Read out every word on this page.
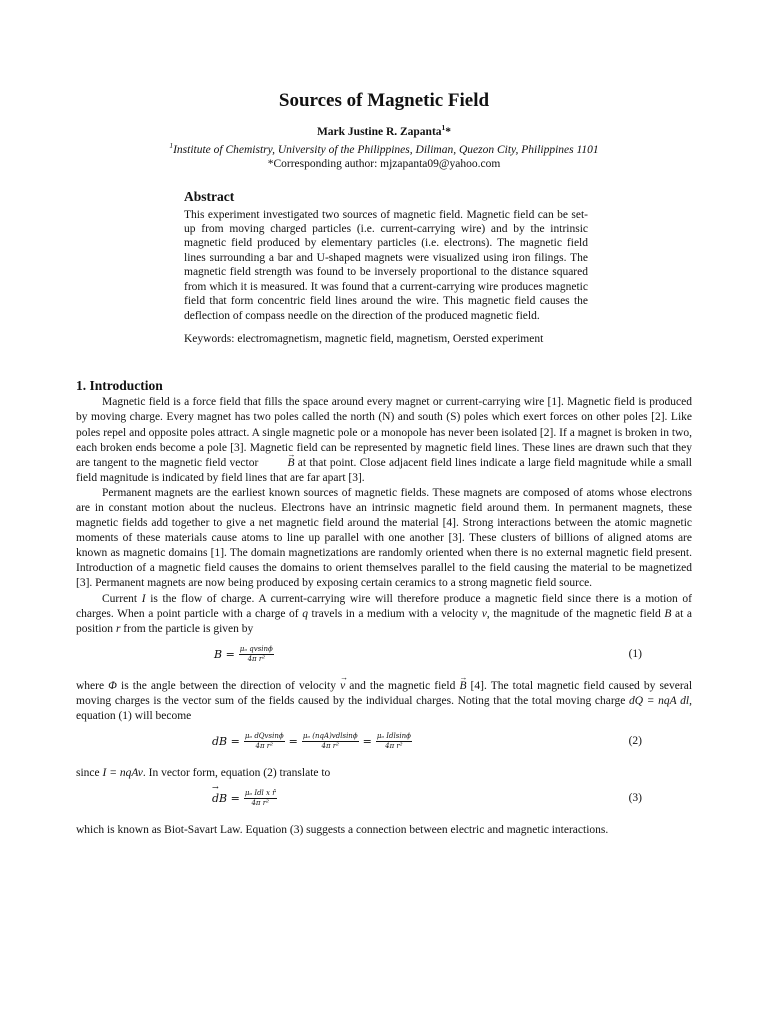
Sources of Magnetic Field
Mark Justine R. Zapanta$^1$*
$^1$Institute of Chemistry, University of the Philippines, Diliman, Quezon City, Philippines 1101
*Corresponding author: mjzapanta09@yahoo.com
Abstract

This experiment investigated two sources of magnetic field. Magnetic field can be set-up from moving charged particles (i.e. current-carrying wire) and by the intrinsic magnetic field produced by elementary particles (i.e. electrons). The magnetic field lines surrounding a bar and U-shaped magnets were visualized using iron filings. The magnetic field strength was found to be inversely proportional to the distance squared from which it is measured. It was found that a current-carrying wire produces magnetic field that form concentric field lines around the wire. This magnetic field causes the deflection of compass needle on the direction of the produced magnetic field.

Keywords: electromagnetism, magnetic field, magnetism, Oersted experiment

1. Introduction

Magnetic field is a force field that fills the space around every magnet or current-carrying wire [1]. Magnetic field is produced by moving charge. Every magnet has two poles called the north (N) and south (S) poles which exert forces on other poles [2]. Like poles repel and opposite poles attract. A single magnetic pole or a monopole has never been isolated [2]. If a magnet is broken in two, each broken ends become a pole [3]. Magnetic field can be represented by magnetic field lines. These lines are drawn such that they are tangent to the magnetic field vector → B at that point. Close adjacent field lines indicate a large field magnitude while a small field magnitude is indicated by field lines that are far apart [3].

Permanent magnets are the earliest known sources of magnetic fields. These magnets are composed of atoms whose electrons are in constant motion about the nucleus. Electrons have an intrinsic magnetic field around them. In permanent magnets, these magnetic fields add together to give a net magnetic field around the material [4]. Strong interactions between the atomic magnetic moments of these materials cause atoms to line up parallel with one another [3]. These clusters of billions of aligned atoms are known as magnetic domains [1]. The domain magnetizations are randomly oriented when there is no external magnetic field present. Introduction of a magnetic field causes the domains to orient themselves parallel to the field causing the material to be magnetized [3]. Permanent magnets are now being produced by exposing certain ceramics to a strong magnetic field source.

Current I is the flow of charge. A current-carrying wire will therefore produce a magnetic field since there is a motion of charges. When a point particle with a charge of q travels in a medium with a velocity v, the magnitude of the magnetic field B at a position r from the particle is given by

$B = \frac{\text{μₒ qvsinϕ}}{\text{4π r²}}$	(1)

where Φ is the angle between the direction of velocity → v and the magnetic field → B [4]. The total magnetic field caused by several moving charges is the vector sum of the fields caused by the individual charges. Noting that the total moving charge dQ = nqA dl, equation (1) will become

dB = $\frac{\text{μₒ dQvsinϕ}}{\text{4π r²}} = \frac{\text{μₒ (nqA)vdlsinϕ}}{\text{4π r²}} = \frac{\text{μₒ Idlsinϕ}}{\text{4π r²}}$	(2)

since I = nqAv. In vector form, equation (2) translate to

→ dB = $\frac{\text{μₒ Idl x r̂}}{\text{4π r²}}$	(3)

which is known as Biot-Savart Law. Equation (3) suggests a connection between electric and magnetic interactions.
